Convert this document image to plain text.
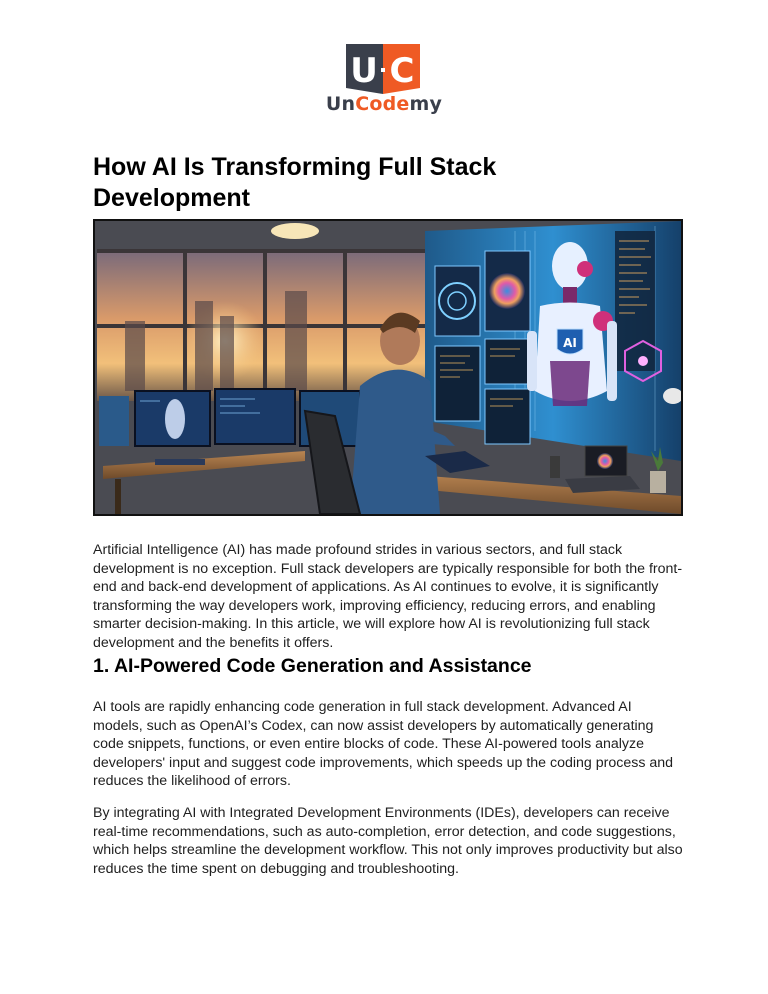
U C
UnCodemy
How AI Is Transforming Full Stack Development
AI

Artificial Intelligence (AI) has made profound strides in various sectors, and full stack development is no exception. Full stack developers are typically responsible for both the front-end and back-end development of applications. As AI continues to evolve, it is significantly transforming the way developers work, improving efficiency, reducing errors, and enabling smarter decision-making. In this article, we will explore how AI is revolutionizing full stack development and the benefits it offers.

1. AI-Powered Code Generation and Assistance

AI tools are rapidly enhancing code generation in full stack development. Advanced AI models, such as OpenAI’s Codex, can now assist developers by automatically generating code snippets, functions, or even entire blocks of code. These AI-powered tools analyze developers' input and suggest code improvements, which speeds up the coding process and reduces the likelihood of errors.

By integrating AI with Integrated Development Environments (IDEs), developers can receive real-time recommendations, such as auto-completion, error detection, and code suggestions, which helps streamline the development workflow. This not only improves productivity but also reduces the time spent on debugging and troubleshooting.
